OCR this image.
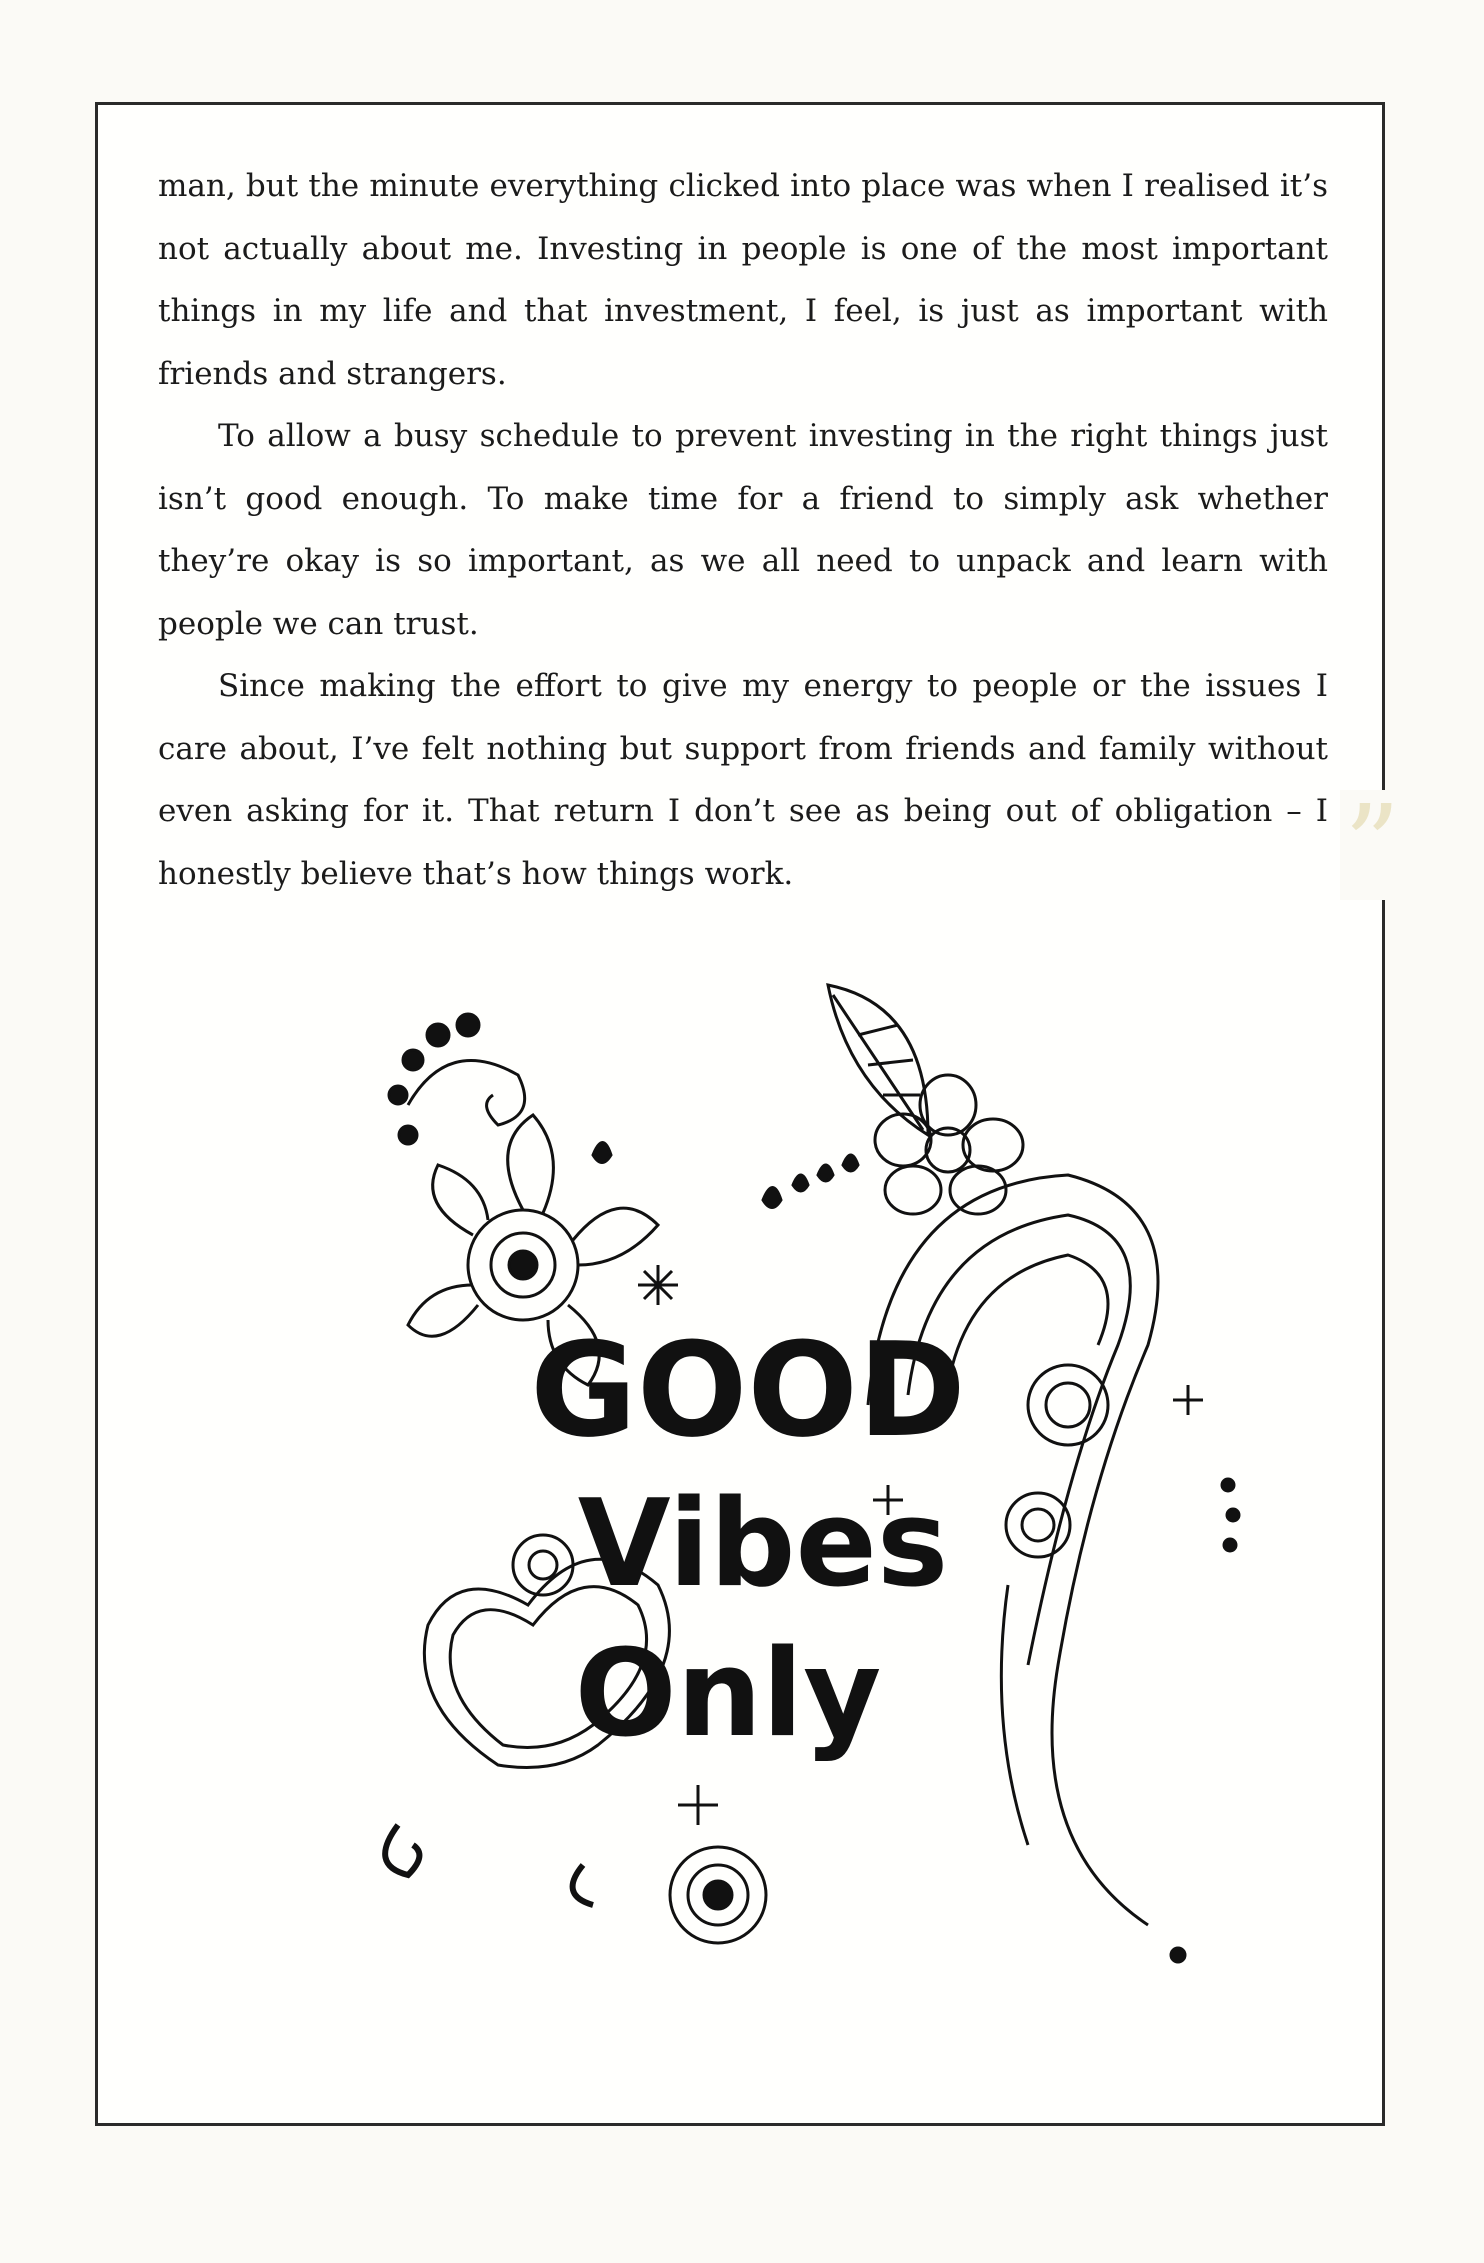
man, but the minute everything clicked into place was when I realised it’s not actually about me. Investing in people is one of the most important things in my life and that investment, I feel, is just as important with friends and strangers.

To allow a busy schedule to prevent investing in the right things just isn’t good enough. To make time for a friend to simply ask whether they’re okay is so important, as we all need to unpack and learn with people we can trust.

Since making the effort to give my energy to people or the issues I care about, I’ve felt nothing but support from friends and family without even asking for it. That return I don’t see as being out of obligation – I honestly believe that’s how things work.

GOOD
Vibes
Only
”
